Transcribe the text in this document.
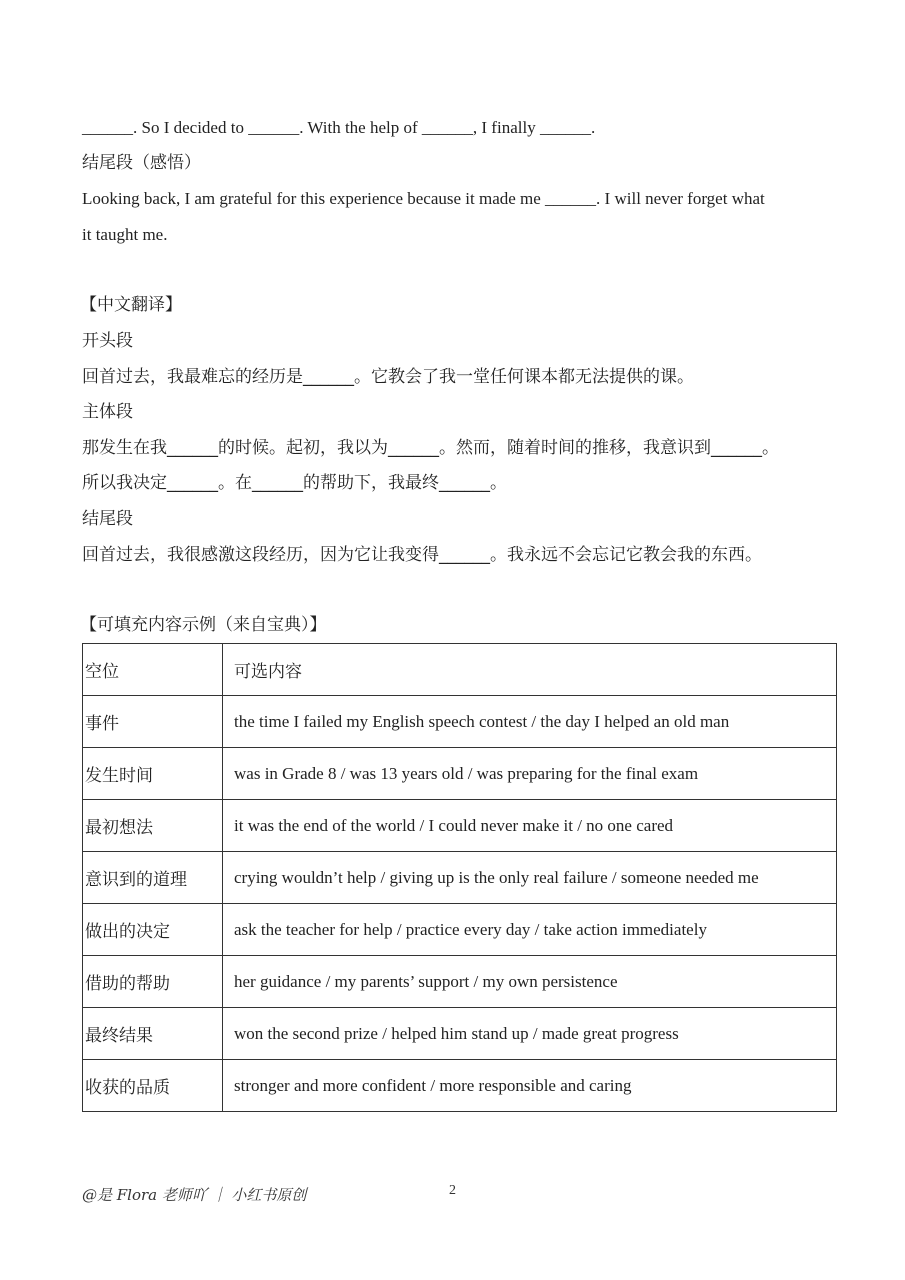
______. So I decided to ______. With the help of ______, I finally ______.
结尾段（感悟）
Looking back, I am grateful for this experience because it made me ______. I will never forget what
it taught me.
【中文翻译】
开头段
回首过去，我最难忘的经历是______。它教会了我一堂任何课本都无法提供的课。
主体段
那发生在我______的时候。起初，我以为______。然而，随着时间的推移，我意识到______。
所以我决定______。在______的帮助下，我最终______。
结尾段
回首过去，我很感激这段经历，因为它让我变得______。我永远不会忘记它教会我的东西。
【可填充内容示例（来自宝典）】
空位	可选内容
事件	the time I failed my English speech contest / the day I helped an old man
发生时间	was in Grade 8 / was 13 years old / was preparing for the final exam
最初想法	it was the end of the world / I could never make it / no one cared
意识到的道理	crying wouldn’t help / giving up is the only real failure / someone needed me
做出的决定	ask the teacher for help / practice every day / take action immediately
借助的帮助	her guidance / my parents’ support / my own persistence
最终结果	won the second prize / helped him stand up / made great progress
收获的品质	stronger and more confident / more responsible and caring
@是 Flora 老师吖 ｜ 小红书原创	2
